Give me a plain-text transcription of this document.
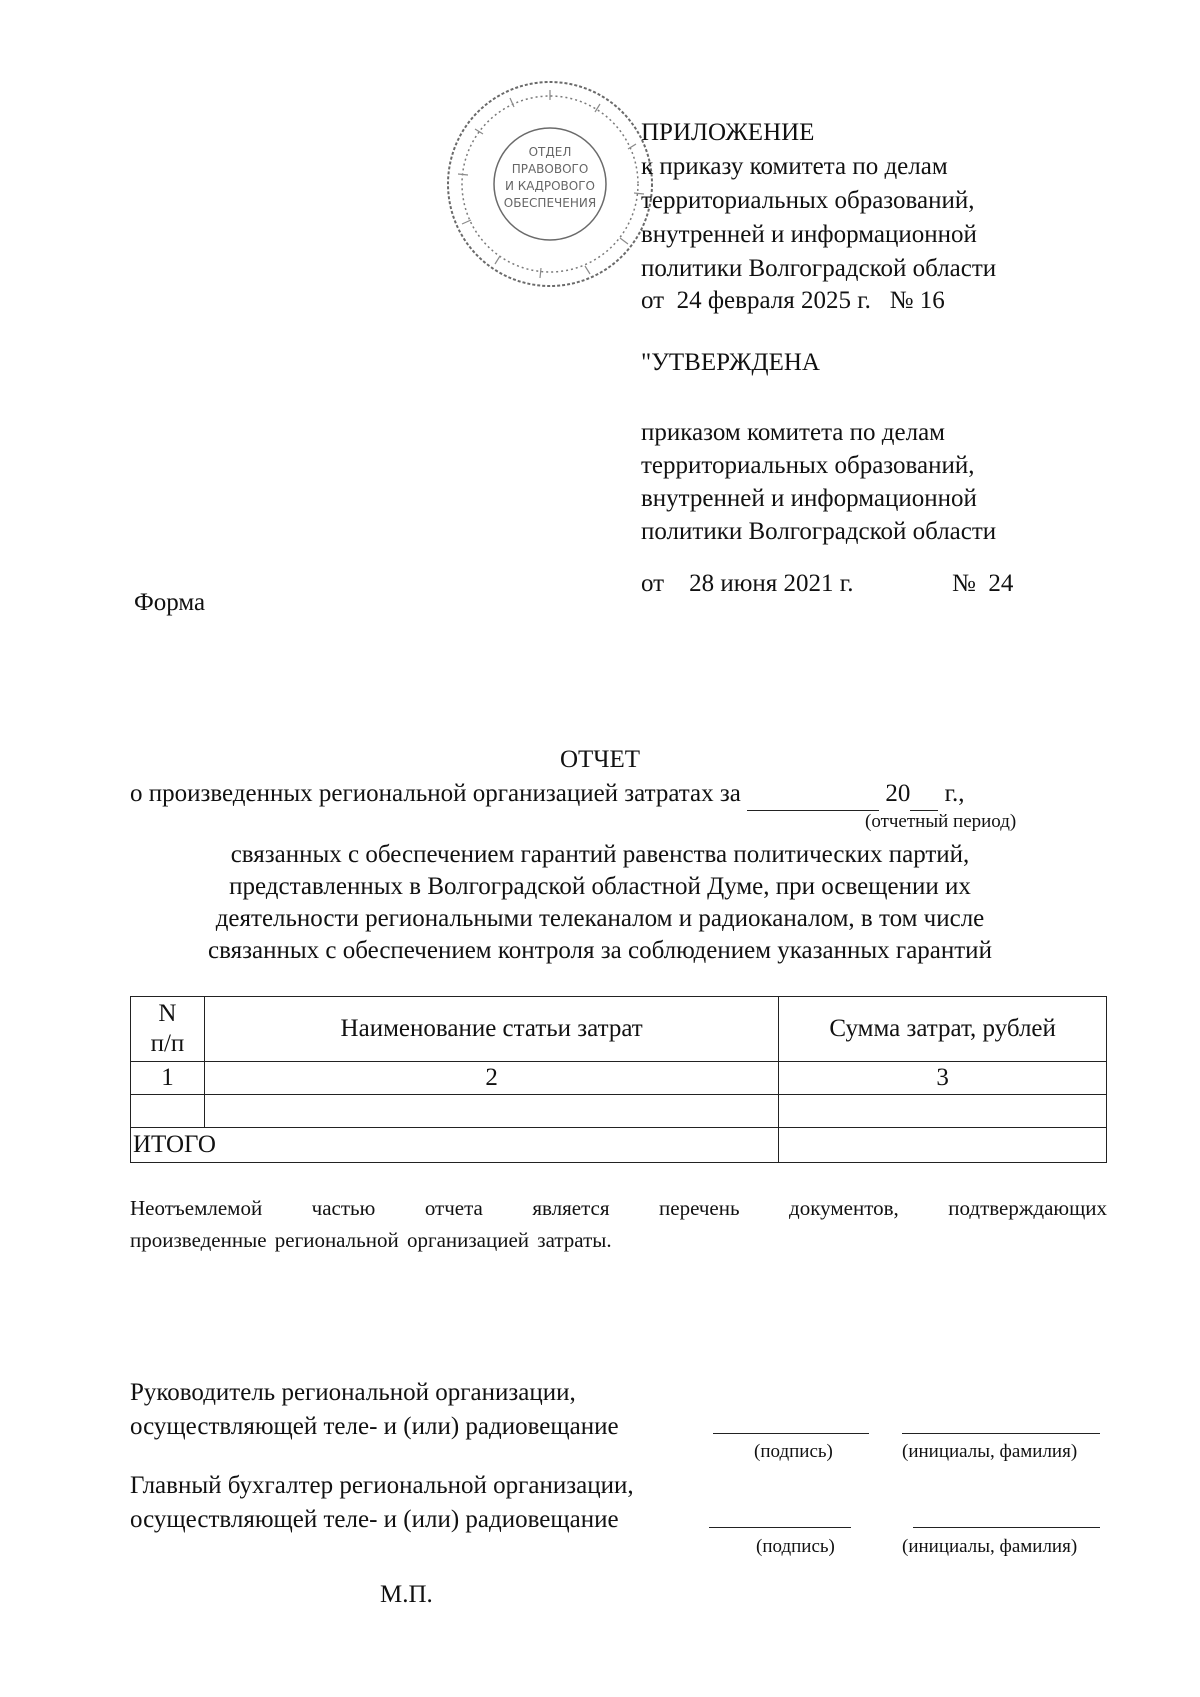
ОТДЕЛ
ПРАВОВОГО
И КАДРОВОГО
ОБЕСПЕЧЕНИЯ
ПРИЛОЖЕНИЕ
к приказу комитета по делам
территориальных образований,
внутренней и информационной
политики Волгоградской области
от  24 февраля 2025 г.   № 16
"УТВЕРЖДЕНА
приказом комитета по делам
территориальных образований,
внутренней и информационной
политики Волгоградской области
от    28 июня 2021 г.	№  24
Форма
ОТЧЕТ
о произведенных региональной организацией затратах за	20 г.,
(отчетный период)
связанных с обеспечением гарантий равенства политических партий,
представленных в Волгоградской областной Думе, при освещении их
деятельности региональными телеканалом и радиоканалом, в том числе
связанных с обеспечением контроля за соблюдением указанных гарантий
N
п/п	Наименование статьи затрат	Сумма затрат, рублей
1	2	3

ИТОГО		
Неотъемлемой частью отчета является перечень документов, подтверждающих
произведенные региональной организацией затраты.
Руководитель региональной организации,
осуществляющей теле- и (или) радиовещание
(подпись)	(инициалы, фамилия)
Главный бухгалтер региональной организации,
осуществляющей теле- и (или) радиовещание
(подпись)	(инициалы, фамилия)
М.П.
